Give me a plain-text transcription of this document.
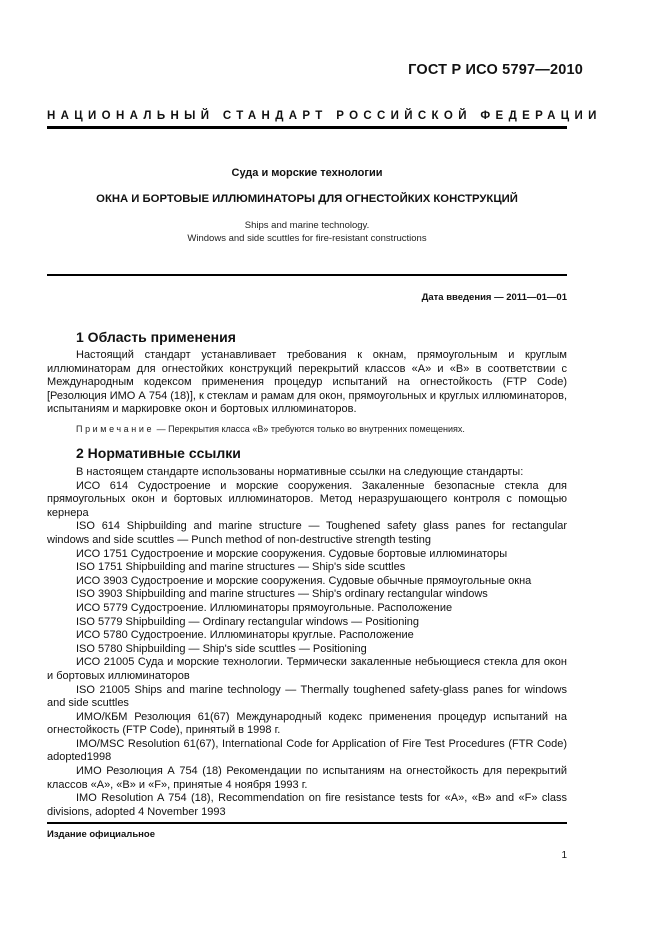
ГОСТ Р ИСО 5797—2010
НАЦИОНАЛЬНЫЙ СТАНДАРТ РОССИЙСКОЙ ФЕДЕРАЦИИ
Суда и морские технологии
ОКНА И БОРТОВЫЕ ИЛЛЮМИНАТОРЫ ДЛЯ ОГНЕСТОЙКИХ КОНСТРУКЦИЙ
Ships and marine technology.
Windows and side scuttles for fire-resistant constructions
Дата введения — 2011—01—01
1 Область применения

Настоящий стандарт устанавливает требования к окнам, прямоугольным и круглым иллюминаторам для огнестойких конструкций перекрытий классов «А» и «В» в соответствии с Международным кодексом применения процедур испытаний на огнестойкость (FTP Code) [Резолюция ИМО А 754 (18)], к стеклам и рамам для окон, прямоугольных и круглых иллюминаторов, испытаниям и маркировке окон и бортовых иллюминаторов.

Примечание — Перекрытия класса «В» требуются только во внутренних помещениях.
2 Нормативные ссылки

В настоящем стандарте использованы нормативные ссылки на следующие стандарты:

ИСО 614 Судостроение и морские сооружения. Закаленные безопасные стекла для прямоугольных окон и бортовых иллюминаторов. Метод неразрушающего контроля с помощью кернера

ISO 614 Shipbuilding and marine structure — Toughened safety glass panes for rectangular windows and side scuttles — Punch method of non-destructive strength testing

ИСО 1751 Судостроение и морские сооружения. Судовые бортовые иллюминаторы

ISO 1751 Shipbuilding and marine structures — Ship's side scuttles

ИСО 3903 Судостроение и морские сооружения. Судовые обычные прямоугольные окна

ISO 3903 Shipbuilding and marine structures — Ship's ordinary rectangular windows

ИСО 5779 Судостроение. Иллюминаторы прямоугольные. Расположение

ISO 5779 Shipbuilding — Ordinary rectangular windows — Positioning

ИСО 5780 Судостроение. Иллюминаторы круглые. Расположение

ISO 5780 Shipbuilding — Ship's side scuttles — Positioning

ИСО 21005 Суда и морские технологии. Термически закаленные небьющиеся стекла для окон и бортовых иллюминаторов

ISO 21005 Ships and marine technology — Thermally toughened safety-glass panes for windows and side scuttles

ИМО/КБМ Резолюция 61(67) Международный кодекс применения процедур испытаний на огнестойкость (FTP Code), принятый в 1998 г.

IMO/MSC Resolution 61(67), International Code for Application of Fire Test Procedures (FTR Code) adopted1998

ИМО Резолюция А 754 (18) Рекомендации по испытаниям на огнестойкость для перекрытий классов «А», «В» и «F», принятые 4 ноября 1993 г.

IMO Resolution A 754 (18), Recommendation on fire resistance tests for «A», «B» and «F» class divisions, adopted 4 November 1993

Издание официальное
1
